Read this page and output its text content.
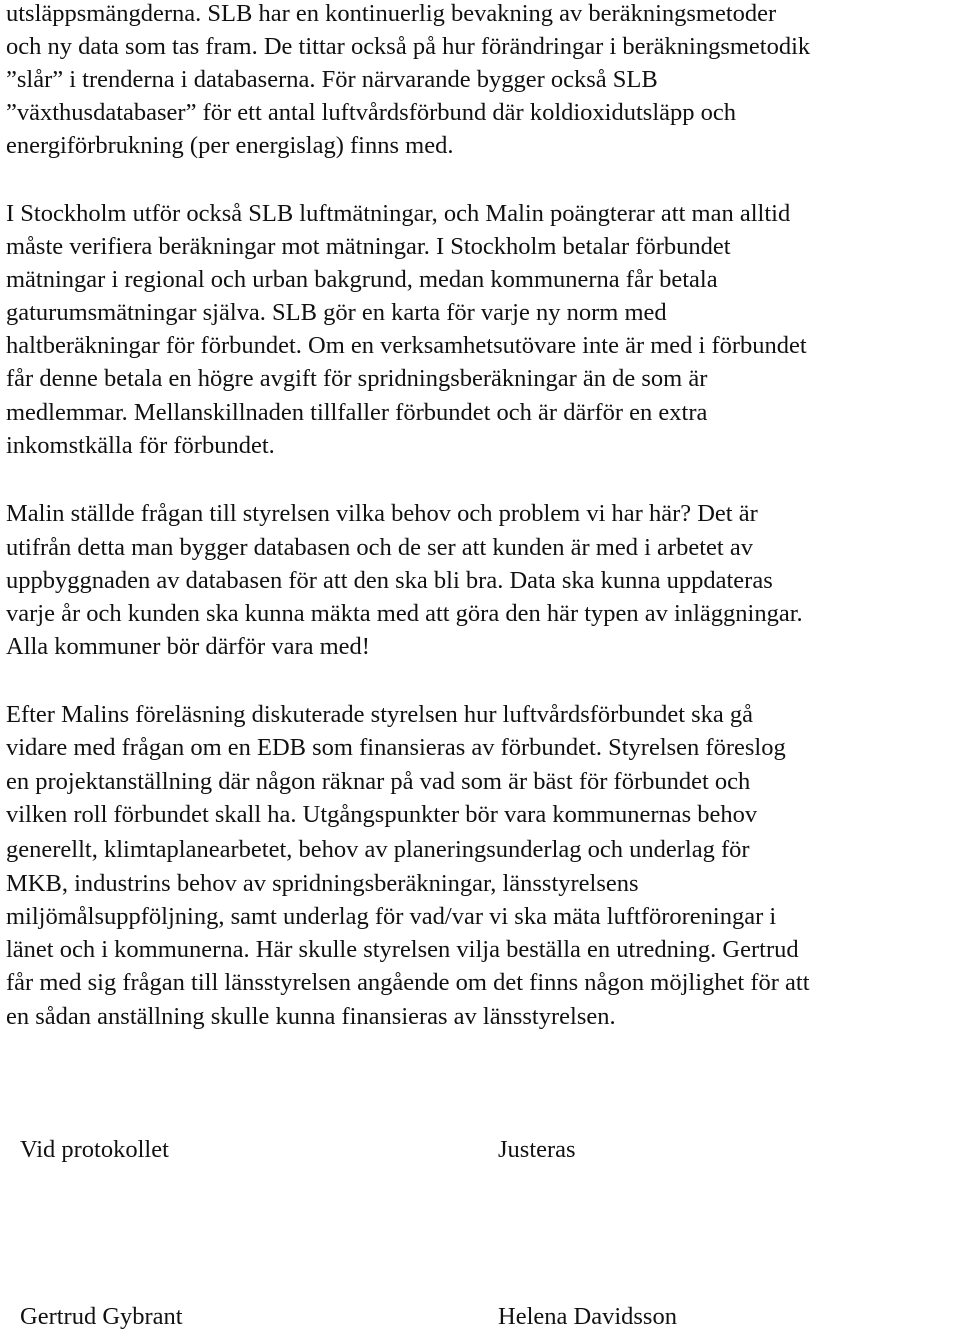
utsläppsmängderna. SLB har en kontinuerlig bevakning av beräkningsmetoder
och ny data som tas fram. De tittar också på hur förändringar i beräkningsmetodik
”slår” i trenderna i databaserna. För närvarande bygger också SLB
”växthusdatabaser” för ett antal luftvårdsförbund där koldioxidutsläpp och
energiförbrukning (per energislag) finns med.
I Stockholm utför också SLB luftmätningar, och Malin poängterar att man alltid
måste verifiera beräkningar mot mätningar. I Stockholm betalar förbundet
mätningar i regional och urban bakgrund, medan kommunerna får betala
gaturumsmätningar själva. SLB gör en karta för varje ny norm med
haltberäkningar för förbundet. Om en verksamhetsutövare inte är med i förbundet
får denne betala en högre avgift för spridningsberäkningar än de som är
medlemmar. Mellanskillnaden tillfaller förbundet och är därför en extra
inkomstkälla för förbundet.
Malin ställde frågan till styrelsen vilka behov och problem vi har här? Det är
utifrån detta man bygger databasen och de ser att kunden är med i arbetet av
uppbyggnaden av databasen för att den ska bli bra. Data ska kunna uppdateras
varje år och kunden ska kunna mäkta med att göra den här typen av inläggningar.
Alla kommuner bör därför vara med!
Efter Malins föreläsning diskuterade styrelsen hur luftvårdsförbundet ska gå
vidare med frågan om en EDB som finansieras av förbundet. Styrelsen föreslog
en projektanställning där någon räknar på vad som är bäst för förbundet och
vilken roll förbundet skall ha. Utgångspunkter bör vara kommunernas behov
generellt, klimtaplanearbetet, behov av planeringsunderlag och underlag för
MKB, industrins behov av spridningsberäkningar, länsstyrelsens
miljömålsuppföljning, samt underlag för vad/var vi ska mäta luftföroreningar i
länet och i kommunerna. Här skulle styrelsen vilja beställa en utredning. Gertrud
får med sig frågan till länsstyrelsen angående om det finns någon möjlighet för att
en sådan anställning skulle kunna finansieras av länsstyrelsen.
Vid protokollet	Justeras
Gertrud Gybrant	Helena Davidsson
